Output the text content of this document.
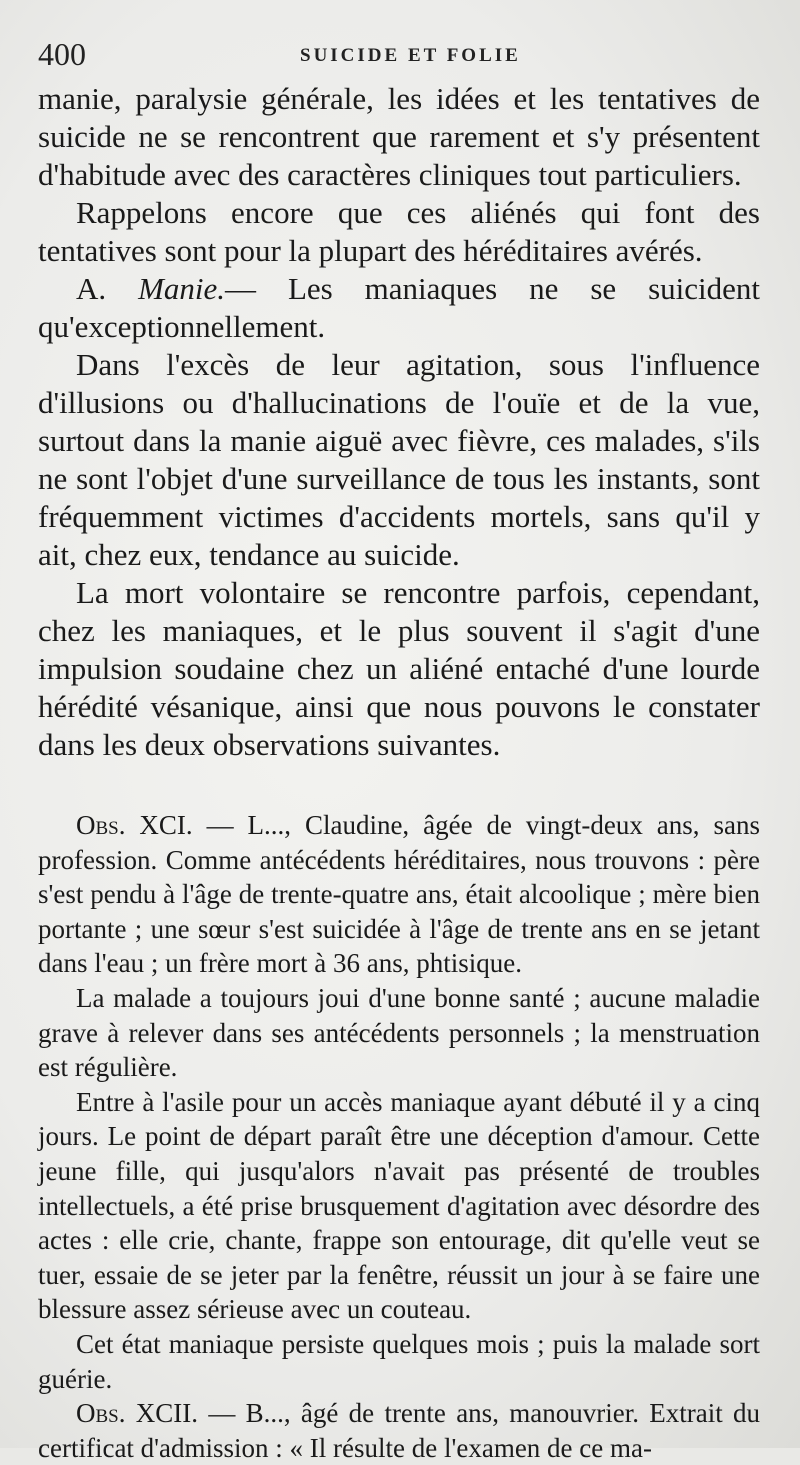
400	SUICIDE ET FOLIE

manie, paralysie générale, les idées et les tentatives de suicide ne se rencontrent que rarement et s'y présentent d'habitude avec des caractères cliniques tout particuliers.

Rappelons encore que ces aliénés qui font des tentatives sont pour la plupart des héréditaires avérés.

A. Manie.— Les maniaques ne se suicident qu'exceptionnellement.

Dans l'excès de leur agitation, sous l'influence d'illusions ou d'hallucinations de l'ouïe et de la vue, surtout dans la manie aiguë avec fièvre, ces malades, s'ils ne sont l'objet d'une surveillance de tous les instants, sont fréquemment victimes d'accidents mortels, sans qu'il y ait, chez eux, tendance au suicide.

La mort volontaire se rencontre parfois, cependant, chez les maniaques, et le plus souvent il s'agit d'une impulsion soudaine chez un aliéné entaché d'une lourde hérédité vésanique, ainsi que nous pouvons le constater dans les deux observations suivantes.

Obs. XCI. — L..., Claudine, âgée de vingt-deux ans, sans profession. Comme antécédents héréditaires, nous trouvons : père s'est pendu à l'âge de trente-quatre ans, était alcoolique ; mère bien portante ; une sœur s'est suicidée à l'âge de trente ans en se jetant dans l'eau ; un frère mort à 36 ans, phtisique.

La malade a toujours joui d'une bonne santé ; aucune maladie grave à relever dans ses antécédents personnels ; la menstruation est régulière.

Entre à l'asile pour un accès maniaque ayant débuté il y a cinq jours. Le point de départ paraît être une déception d'amour. Cette jeune fille, qui jusqu'alors n'avait pas présenté de troubles intellectuels, a été prise brusquement d'agitation avec désordre des actes : elle crie, chante, frappe son entourage, dit qu'elle veut se tuer, essaie de se jeter par la fenêtre, réussit un jour à se faire une blessure assez sérieuse avec un couteau.

Cet état maniaque persiste quelques mois ; puis la malade sort guérie.

Obs. XCII. — B..., âgé de trente ans, manouvrier. Extrait du certificat d'admission : « Il résulte de l'examen de ce ma-
